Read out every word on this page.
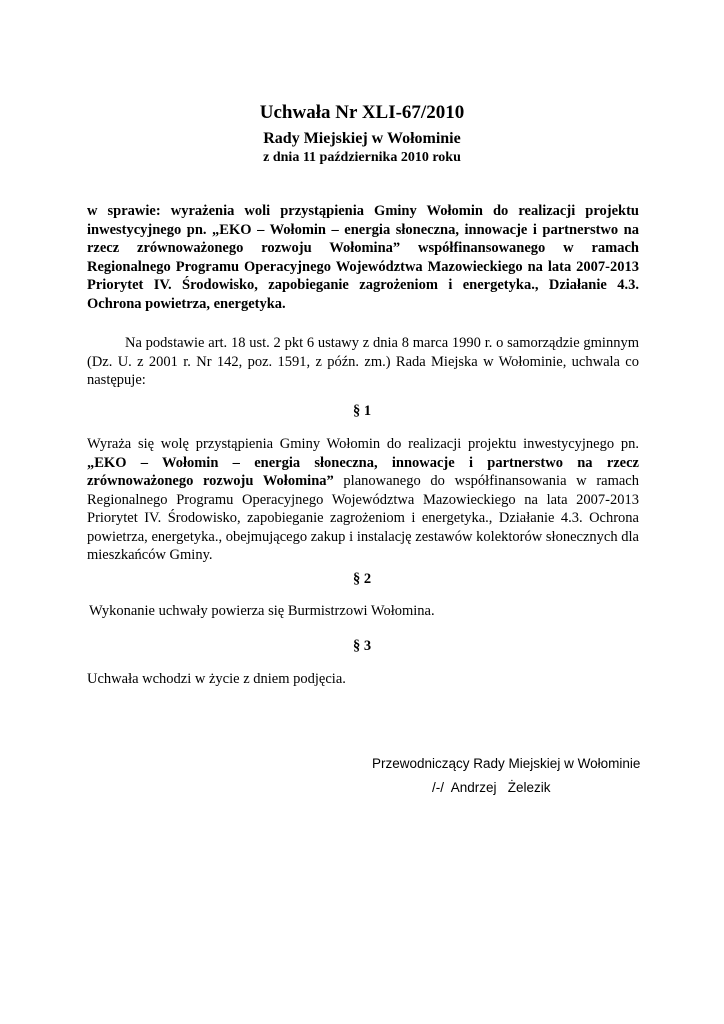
Uchwała Nr XLI-67/2010
Rady Miejskiej w Wołominie
z dnia 11 października 2010 roku
w sprawie: wyrażenia woli przystąpienia Gminy Wołomin do realizacji projektu inwestycyjnego pn. „EKO – Wołomin – energia słoneczna, innowacje i partnerstwo na rzecz zrównoważonego rozwoju Wołomina” współfinansowanego w ramach Regionalnego Programu Operacyjnego Województwa Mazowieckiego na lata 2007-2013 Priorytet IV. Środowisko, zapobieganie zagrożeniom i energetyka., Działanie 4.3. Ochrona powietrza, energetyka.
Na podstawie art. 18 ust. 2 pkt 6 ustawy z dnia 8 marca 1990 r. o samorządzie gminnym (Dz. U. z 2001 r. Nr 142, poz. 1591, z późn. zm.) Rada Miejska w Wołominie, uchwala co następuje:
§ 1
Wyraża się wolę przystąpienia Gminy Wołomin do realizacji projektu inwestycyjnego pn. „EKO – Wołomin – energia słoneczna, innowacje i partnerstwo na rzecz zrównoważonego rozwoju Wołomina” planowanego do współfinansowania w ramach Regionalnego Programu Operacyjnego Województwa Mazowieckiego na lata 2007-2013 Priorytet IV. Środowisko, zapobieganie zagrożeniom i energetyka., Działanie 4.3. Ochrona powietrza, energetyka., obejmującego zakup i instalację zestawów kolektorów słonecznych dla mieszkańców Gminy.
§ 2
Wykonanie uchwały powierza się Burmistrzowi Wołomina.
§ 3
Uchwała wchodzi w życie z dniem podjęcia.
Przewodniczący Rady Miejskiej w Wołominie
/-/  Andrzej   Żelezik
